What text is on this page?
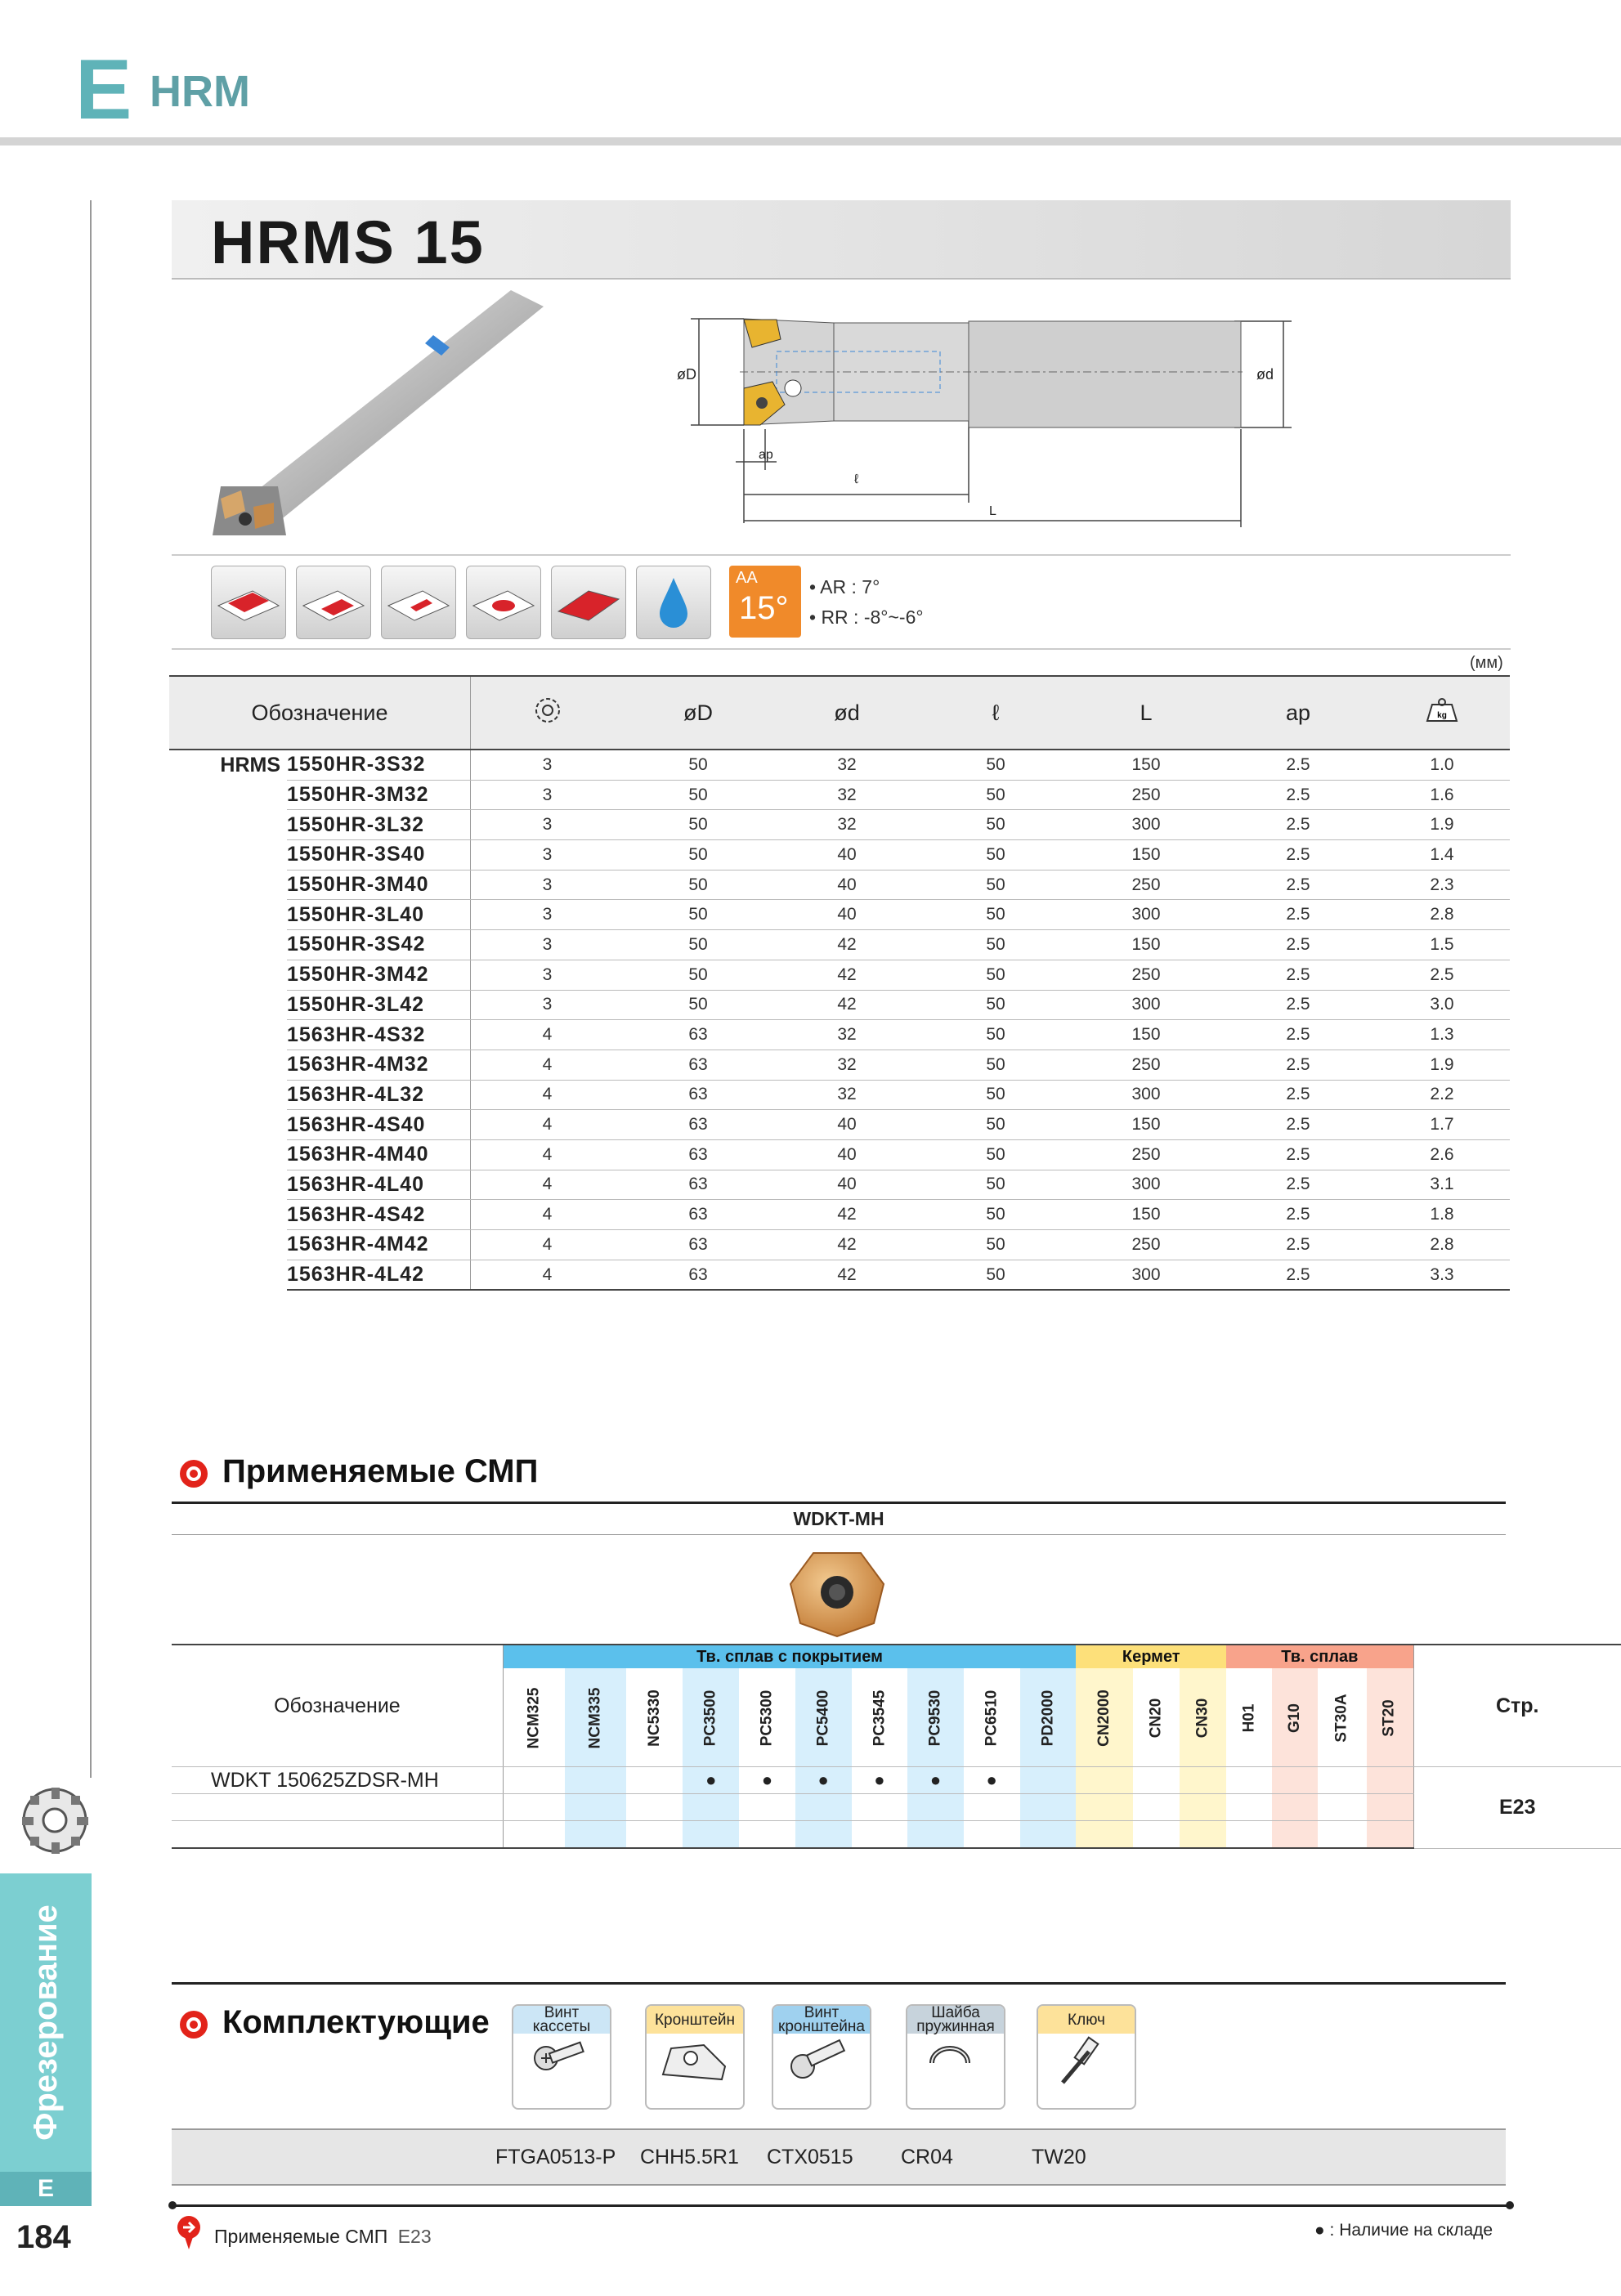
E HRM
Фрезерование
E
184
HRMS 15
øD	ød
ap
ℓ
L
AA
15°
• AR : 7°
• RR : -8°~-6°
(мм)
Обозначение			øD	ød	ℓ	L	ap	kg

HRMS	1550HR-3S32	3	50	32	50	150	2.5	1.0
	1550HR-3M32	3	50	32	50	250	2.5	1.6
	1550HR-3L32	3	50	32	50	300	2.5	1.9
	1550HR-3S40	3	50	40	50	150	2.5	1.4
	1550HR-3M40	3	50	40	50	250	2.5	2.3
	1550HR-3L40	3	50	40	50	300	2.5	2.8
	1550HR-3S42	3	50	42	50	150	2.5	1.5
	1550HR-3M42	3	50	42	50	250	2.5	2.5
	1550HR-3L42	3	50	42	50	300	2.5	3.0
	1563HR-4S32	4	63	32	50	150	2.5	1.3
	1563HR-4M32	4	63	32	50	250	2.5	1.9
	1563HR-4L32	4	63	32	50	300	2.5	2.2
	1563HR-4S40	4	63	40	50	150	2.5	1.7
	1563HR-4M40	4	63	40	50	250	2.5	2.6
	1563HR-4L40	4	63	40	50	300	2.5	3.1
	1563HR-4S42	4	63	42	50	150	2.5	1.8
	1563HR-4M42	4	63	42	50	250	2.5	2.8
	1563HR-4L42	4	63	42	50	300	2.5	3.3
Применяемые СМП
WDKT-MH
Обозначение	Тв. сплав с покрытием										Кермет			Тв. сплав				Стр.
	NCM325	NCM335	NC5330	PC3500	PC5300	PC5400	PC3545	PC9530	PC6510	PD2000	CN2000	CN20	CN30	H01	G10	ST30A	ST20	
WDKT 150625ZDSR-MH				●	●	●	●	●	●									E23

Комплектующие	Винт кассеты	Кронштейн	Винт кронштейна
Шайба пружинная	Ключ
FTGA0513-P CHH5.5R1 CTX0515 CR04	TW20
Применяемые СМП E23	● : Наличие на складе
